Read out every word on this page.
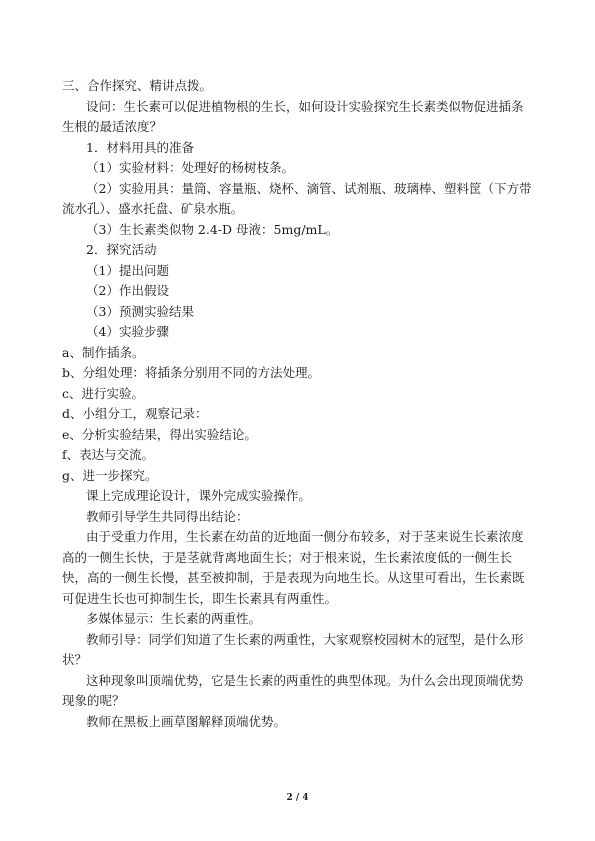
三、合作探究、精讲点拨。

设问：生长素可以促进植物根的生长，如何设计实验探究生长素类似物促进插条生根的最适浓度？

1．材料用具的准备

（1）实验材料：处理好的杨树枝条。

（2）实验用具：量筒、容量瓶、烧杯、滴管、试剂瓶、玻璃棒、塑料筐（下方带流水孔）、盛水托盘、矿泉水瓶。

（3）生长素类似物 2.4-D 母液：5mg/mL。

2．探究活动

（1）提出问题

（2）作出假设

（3）预测实验结果

（4）实验步骤

a、制作插条。

b、分组处理：将插条分别用不同的方法处理。

c、进行实验。

d、小组分工，观察记录：

e、分析实验结果，得出实验结论。

f、表达与交流。

g、进一步探究。

课上完成理论设计，课外完成实验操作。

教师引导学生共同得出结论：

由于受重力作用，生长素在幼苗的近地面一侧分布较多，对于茎来说生长素浓度高的一侧生长快，于是茎就背离地面生长；对于根来说，生长素浓度低的一侧生长快，高的一侧生长慢，甚至被抑制，于是表现为向地生长。从这里可看出，生长素既可促进生长也可抑制生长，即生长素具有两重性。

多媒体显示：生长素的两重性。

教师引导：同学们知道了生长素的两重性，大家观察校园树木的冠型，是什么形状？

这种现象叫顶端优势，它是生长素的两重性的典型体现。为什么会出现顶端优势现象的呢？

教师在黑板上画草图解释顶端优势。

2 / 4
